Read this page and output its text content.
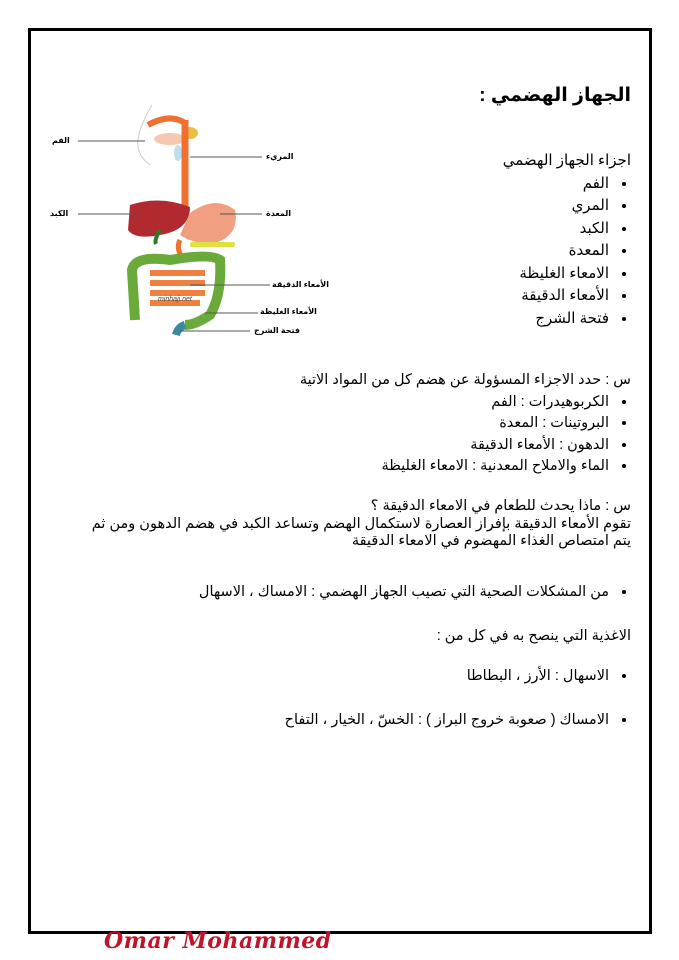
الجهاز الهضمي :
اجزاء الجهاز الهضمي
• الفم
• المري
• الكبد
• المعدة
• الامعاء الغليظة
• الأمعاء الدقيقة
• فتحة الشرج
minhaji.net
الفم
المريء
الكبد	المعدة
الأمعاء الدقيقة
الأمعاء الغليظة
فتحة الشرج
س : حدد الاجزاء المسؤولة عن هضم كل من المواد الاتية
• الكربوهيدرات : الفم
• البروتينات : المعدة
• الدهون : الأمعاء الدقيقة
• الماء والاملاح المعدنية : الامعاء الغليظة
س : ماذا يحدث للطعام في الامعاء الدقيقة ؟
تقوم الأمعاء الدقيقة بإفراز العصارة لاستكمال الهضم وتساعد الكبد في هضم الدهون ومن ثم
يتم امتصاص الغذاء المهضوم في الامعاء الدقيقة
• من المشكلات الصحية التي تصيب الجهاز الهضمي : الامساك ، الاسهال
الاغذية التي ينصح به في كل من :
• الاسهال : الأرز ، البطاطا
• الامساك ( صعوبة خروج البراز ) : الخسّ ، الخيار ، التفاح
Omar Mohammed
